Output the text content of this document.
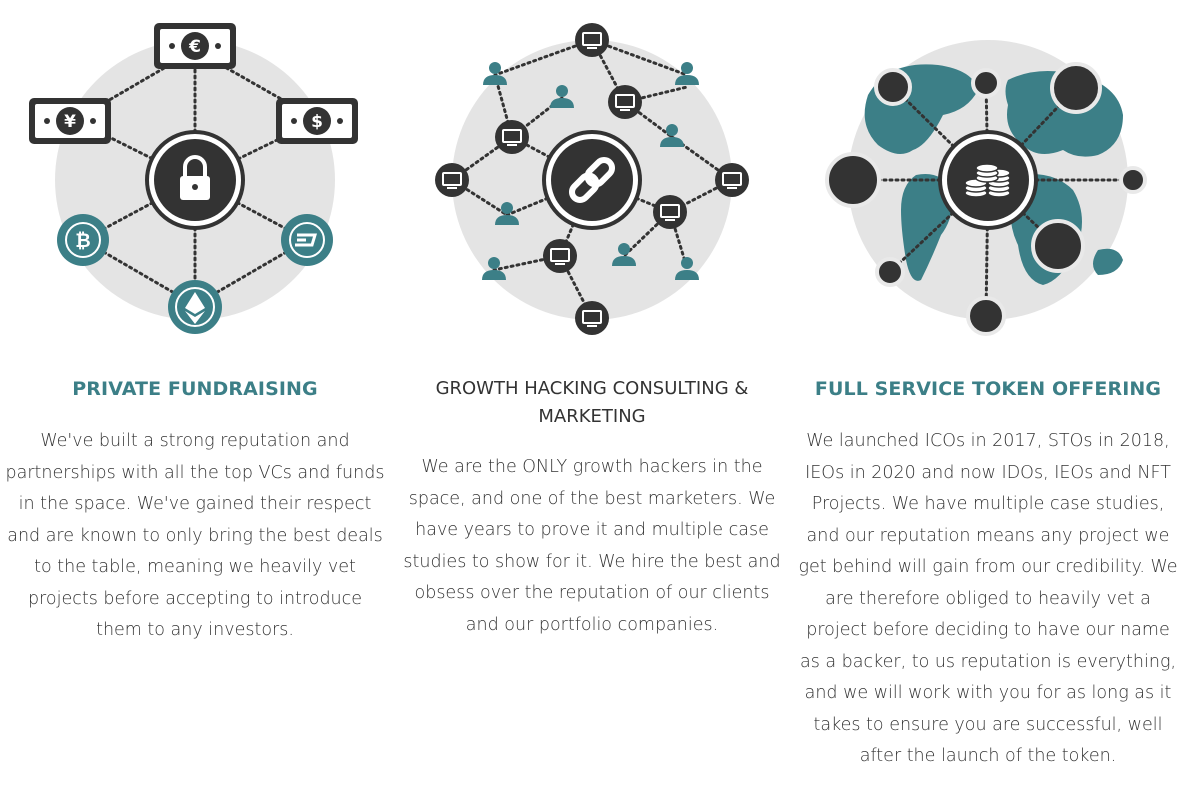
€
¥	$
₿
PRIVATE FUNDRAISING
We've built a strong reputation and partnerships with all the top VCs and funds in the space. We've gained their respect and are known to only bring the best deals to the table, meaning we heavily vet projects before accepting to introduce them to any investors.
GROWTH HACKING CONSULTING & MARKETING
We are the ONLY growth hackers in the space, and one of the best marketers. We have years to prove it and multiple case studies to show for it. We hire the best and obsess over the reputation of our clients and our portfolio companies.
FULL SERVICE TOKEN OFFERING
We launched ICOs in 2017, STOs in 2018, IEOs in 2020 and now IDOs, IEOs and NFT Projects. We have multiple case studies, and our reputation means any project we get behind will gain from our credibility. We are therefore obliged to heavily vet a project before deciding to have our name as a backer, to us reputation is everything, and we will work with you for as long as it takes to ensure you are successful, well after the launch of the token.
